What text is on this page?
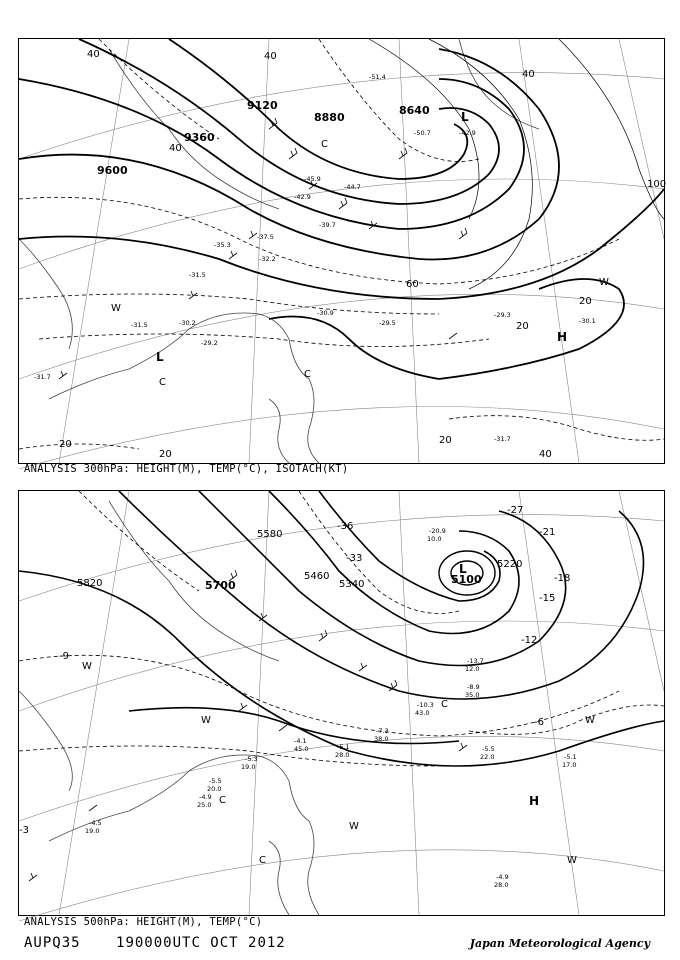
9600
9360
9120
8880
8640
40	40
40
60
20
20
20
20
20	40
100
40
L
H
L
W
W
C
C
C
-31.5	-30.2
-29.2
-31.7
-30.9
-29.5
-29.3
-30.1
-31.7
-45.9
-44.7
-42.9
-39.7
-37.5
-35.3
-32.2
-31.5
-50.7
-51.4
-42.9
ANALYSIS 300hPa: HEIGHT(M), TEMP(°C), ISOTACH(KT)
5820	5700
5580
5460
5340
5220
5100
L
H
W
W
W
W
W
C
C
C
-33
-36
-27
-21
-18
-15
-12
-9
-6
-3
-4.5
19.0
-5.3
19.0
-5.5
20.0
-4.9
25.0
-4.1
45.0	-5.1
28.0
-7.3
38.0
-5.5
22.0	-5.1
17.0
-4.9
28.0
-10.3
43.0
-8.9
35.0
-13.7
12.0
-20.9
10.0
ANALYSIS 500hPa: HEIGHT(M), TEMP(°C)
AUPQ35	190000UTC OCT 2012	Japan Meteorological Agency
